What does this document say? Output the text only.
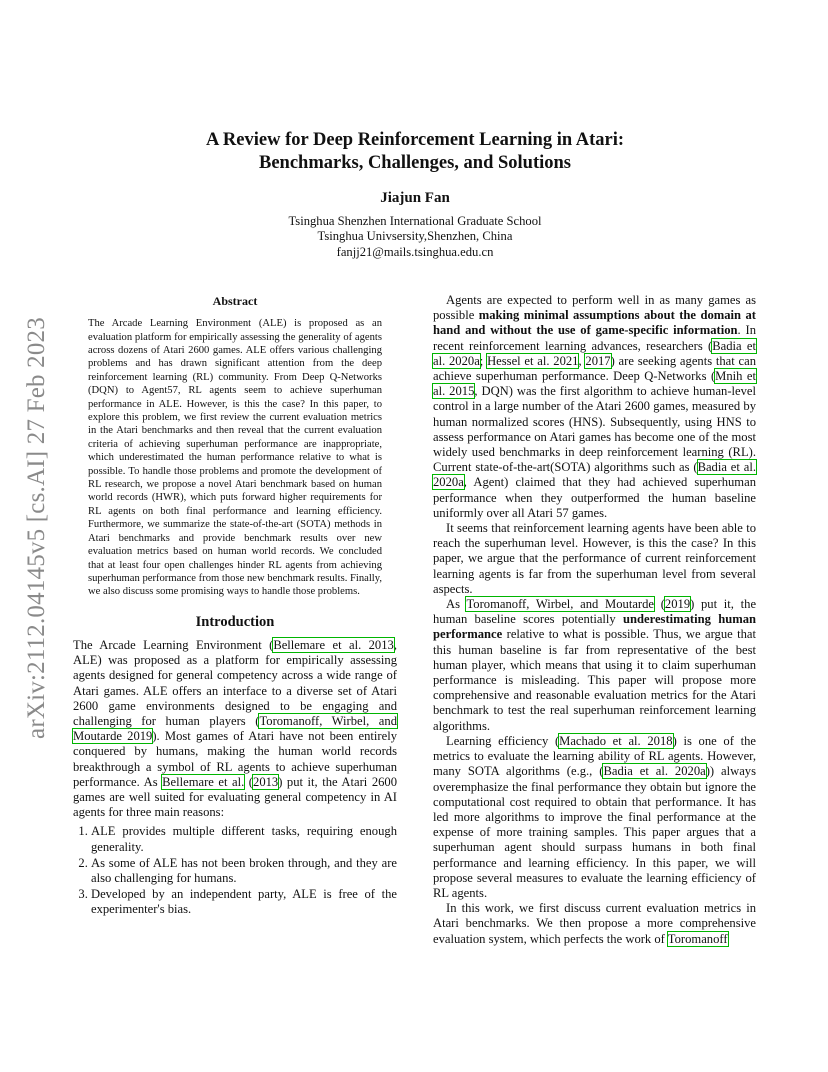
arXiv:2112.04145v5 [cs.AI] 27 Feb 2023
A Review for Deep Reinforcement Learning in Atari:
Benchmarks, Challenges, and Solutions
Jiajun Fan
Tsinghua Shenzhen International Graduate School
Tsinghua Univsersity,Shenzhen, China
fanjj21@mails.tsinghua.edu.cn
Abstract
The Arcade Learning Environment (ALE) is proposed as an evaluation platform for empirically assessing the generality of agents across dozens of Atari 2600 games. ALE offers various challenging problems and has drawn significant attention from the deep reinforcement learning (RL) community. From Deep Q-Networks (DQN) to Agent57, RL agents seem to achieve superhuman performance in ALE. However, is this the case? In this paper, to explore this problem, we first review the current evaluation metrics in the Atari benchmarks and then reveal that the current evaluation criteria of achieving superhuman performance are inappropriate, which underestimated the human performance relative to what is possible. To handle those problems and promote the development of RL research, we propose a novel Atari benchmark based on human world records (HWR), which puts forward higher requirements for RL agents on both final performance and learning efficiency. Furthermore, we summarize the state-of-the-art (SOTA) methods in Atari benchmarks and provide benchmark results over new evaluation metrics based on human world records. We concluded that at least four open challenges hinder RL agents from achieving superhuman performance from those new benchmark results. Finally, we also discuss some promising ways to handle those problems.
Introduction

The Arcade Learning Environment (Bellemare et al. 2013, ALE) was proposed as a platform for empirically assessing agents designed for general competency across a wide range of Atari games. ALE offers an interface to a diverse set of Atari 2600 game environments designed to be engaging and challenging for human players (Toromanoff, Wirbel, and Moutarde 2019). Most games of Atari have not been entirely conquered by humans, making the human world records breakthrough a symbol of RL agents to achieve superhuman performance. As Bellemare et al. (2013) put it, the Atari 2600 games are well suited for evaluating general competency in AI agents for three main reasons:

1. ALE provides multiple different tasks, requiring enough generality.
2. As some of ALE has not been broken through, and they are also challenging for humans.
3. Developed by an independent party, ALE is free of the experimenter's bias.

Agents are expected to perform well in as many games as possible making minimal assumptions about the domain at hand and without the use of game-specific information. In recent reinforcement learning advances, researchers (Badia et al. 2020a; Hessel et al. 2021, 2017) are seeking agents that can achieve superhuman performance. Deep Q-Networks (Mnih et al. 2015, DQN) was the first algorithm to achieve human-level control in a large number of the Atari 2600 games, measured by human normalized scores (HNS). Subsequently, using HNS to assess performance on Atari games has become one of the most widely used benchmarks in deep reinforcement learning (RL). Current state-of-the-art(SOTA) algorithms such as (Badia et al. 2020a, Agent) claimed that they had achieved superhuman performance when they outperformed the human baseline uniformly over all Atari 57 games.

It seems that reinforcement learning agents have been able to reach the superhuman level. However, is this the case? In this paper, we argue that the performance of current reinforcement learning agents is far from the superhuman level from several aspects.

As Toromanoff, Wirbel, and Moutarde (2019) put it, the human baseline scores potentially underestimating human performance relative to what is possible. Thus, we argue that this human baseline is far from representative of the best human player, which means that using it to claim superhuman performance is misleading. This paper will propose more comprehensive and reasonable evaluation metrics for the Atari benchmark to test the real superhuman reinforcement learning algorithms.

Learning efficiency (Machado et al. 2018) is one of the metrics to evaluate the learning ability of RL agents. However, many SOTA algorithms (e.g., (Badia et al. 2020a)) always overemphasize the final performance they obtain but ignore the computational cost required to obtain that performance. It has led more algorithms to improve the final performance at the expense of more training samples. This paper argues that a superhuman agent should surpass humans in both final performance and learning efficiency. In this paper, we will propose several measures to evaluate the learning efficiency of RL agents.

In this work, we first discuss current evaluation metrics in Atari benchmarks. We then propose a more comprehensive evaluation system, which perfects the work of Toromanoff
